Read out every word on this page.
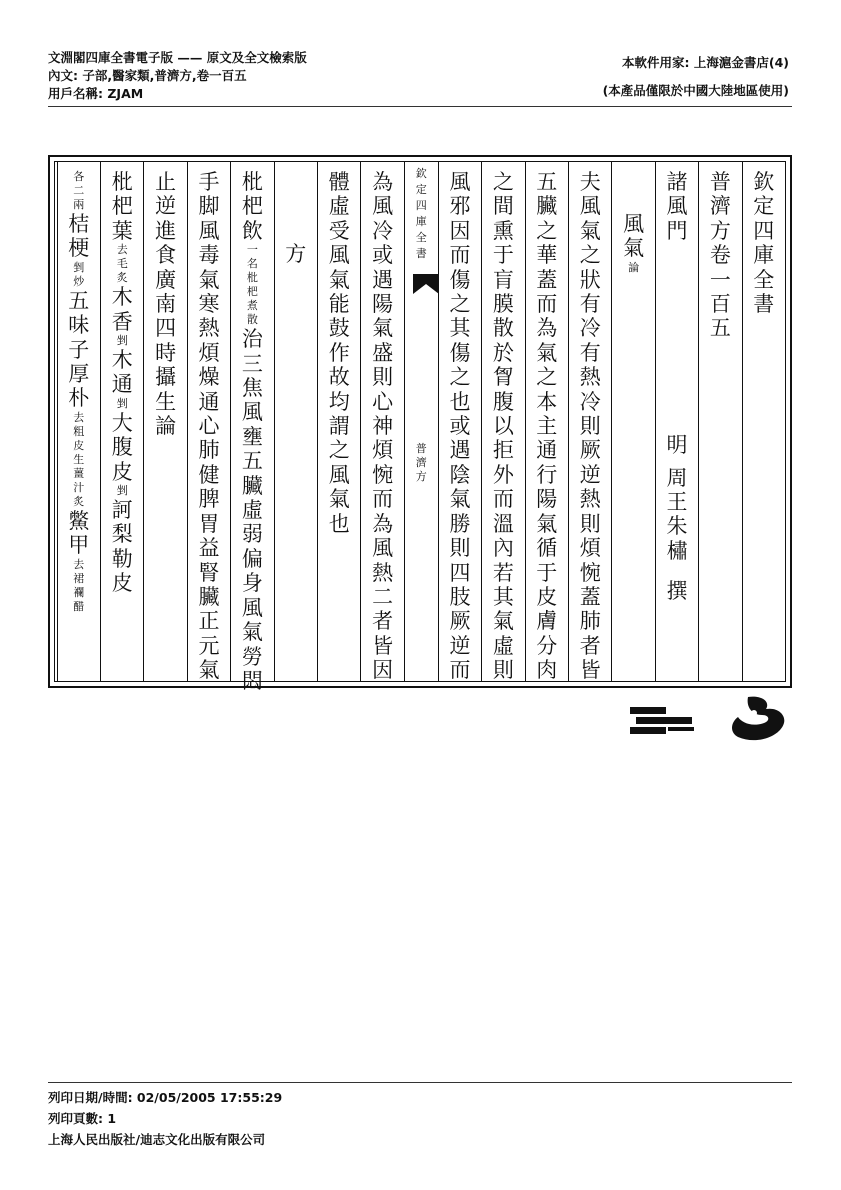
文淵閣四庫全書電子版 —— 原文及全文檢索版
內文: 子部,醫家類,普濟方,卷一百五
用戶名稱: ZJAM
本軟件用家: 上海滬金書店(4)
(本產品僅限於中國大陸地區使用)
欽
定
四
庫
全
書
普
濟
方
卷
一
百
五
諸
風
門
明
周
王
朱
橚
撰
風
氣
論
夫
風
氣
之
狀
有
冷
有
熱
冷
則
厥
逆
熱
則
煩
惋
蓋
肺
者
皆
五
臟
之
華
蓋
而
為
氣
之
本
主
通
行
陽
氣
循
于
皮
膚
分
肉
之
間
熏
于
肓
膜
散
於
胷
腹
以
拒
外
而
溫
內
若
其
氣
虛
則
風
邪
因
而
傷
之
其
傷
之
也
或
遇
陰
氣
勝
則
四
肢
厥
逆
而
欽
定
四
庫
全
書
普
濟
方
為
風
冷
或
遇
陽
氣
盛
則
心
神
煩
惋
而
為
風
熱
二
者
皆
因
體
虛
受
風
氣
能
鼓
作
故
均
謂
之
風
氣
也
方
枇
杷
飲
一
名
枇
杷
煮
散
治
三
焦
風
壅
五
臟
虛
弱
偏
身
風
氣
勞
悶
手
脚
風
毒
氣
寒
熱
煩
燥
通
心
肺
健
脾
胃
益
腎
臟
正
元
氣
止
逆
進
食
廣
南
四
時
攝
生
論
枇
杷
葉
去
毛
炙
木
香
剉
木
通
剉
大
腹
皮
剉
訶
梨
勒
皮
各
二
兩
桔
梗
剉
炒
五
味
子
厚
朴
去
粗
皮
生
薑
汁
炙
鱉
甲
去
裙
襴
醋
列印日期/時間: 02/05/2005 17:55:29
列印頁數: 1
上海人民出版社/迪志文化出版有限公司
